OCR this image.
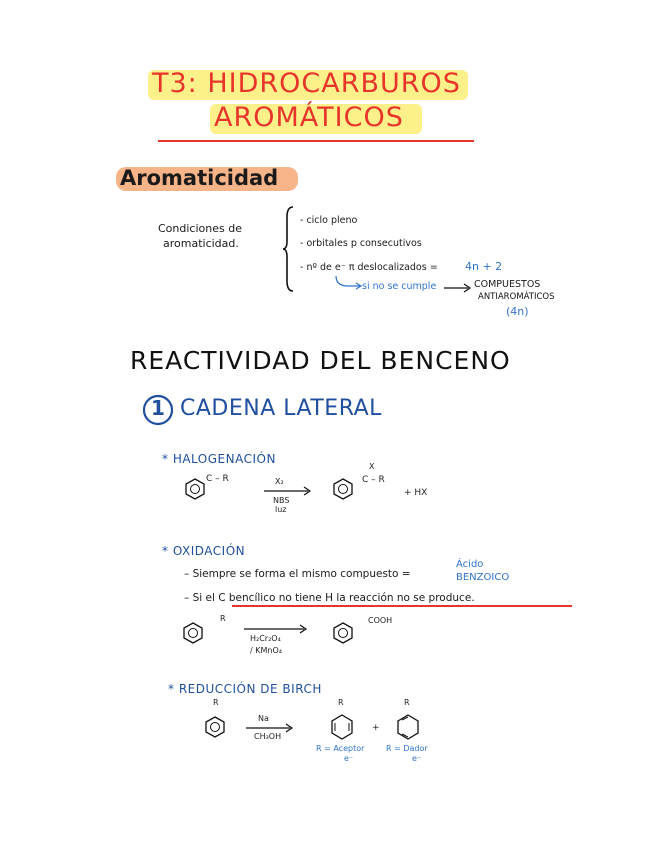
T3: HIDROCARBUROS
AROMÁTICOS
Aromaticidad
Condiciones de
aromaticidad.
- ciclo pleno
- orbitales p consecutivos
- nº de e⁻ π deslocalizados = 4n + 2
si no se cumple	COMPUESTOS
ANTIAROMÁTICOS
(4n)
REACTIVIDAD DEL BENCENO
1 CADENA LATERAL
* HALOGENACIÓN
C – R	X₂
NBS
luz
X
C – R
+ HX
* OXIDACIÓN
– Siempre se forma el mismo compuesto =
Ácido
BENZOICO
– Si el C bencílico no tiene H la reacción no se produce.
R
H₂Cr₂O₄
/ KMnO₄
COOH
* REDUCCIÓN DE BIRCH
R
Na
CH₃OH
R
+
R
R = Aceptor
e⁻
R = Dador
e⁻
